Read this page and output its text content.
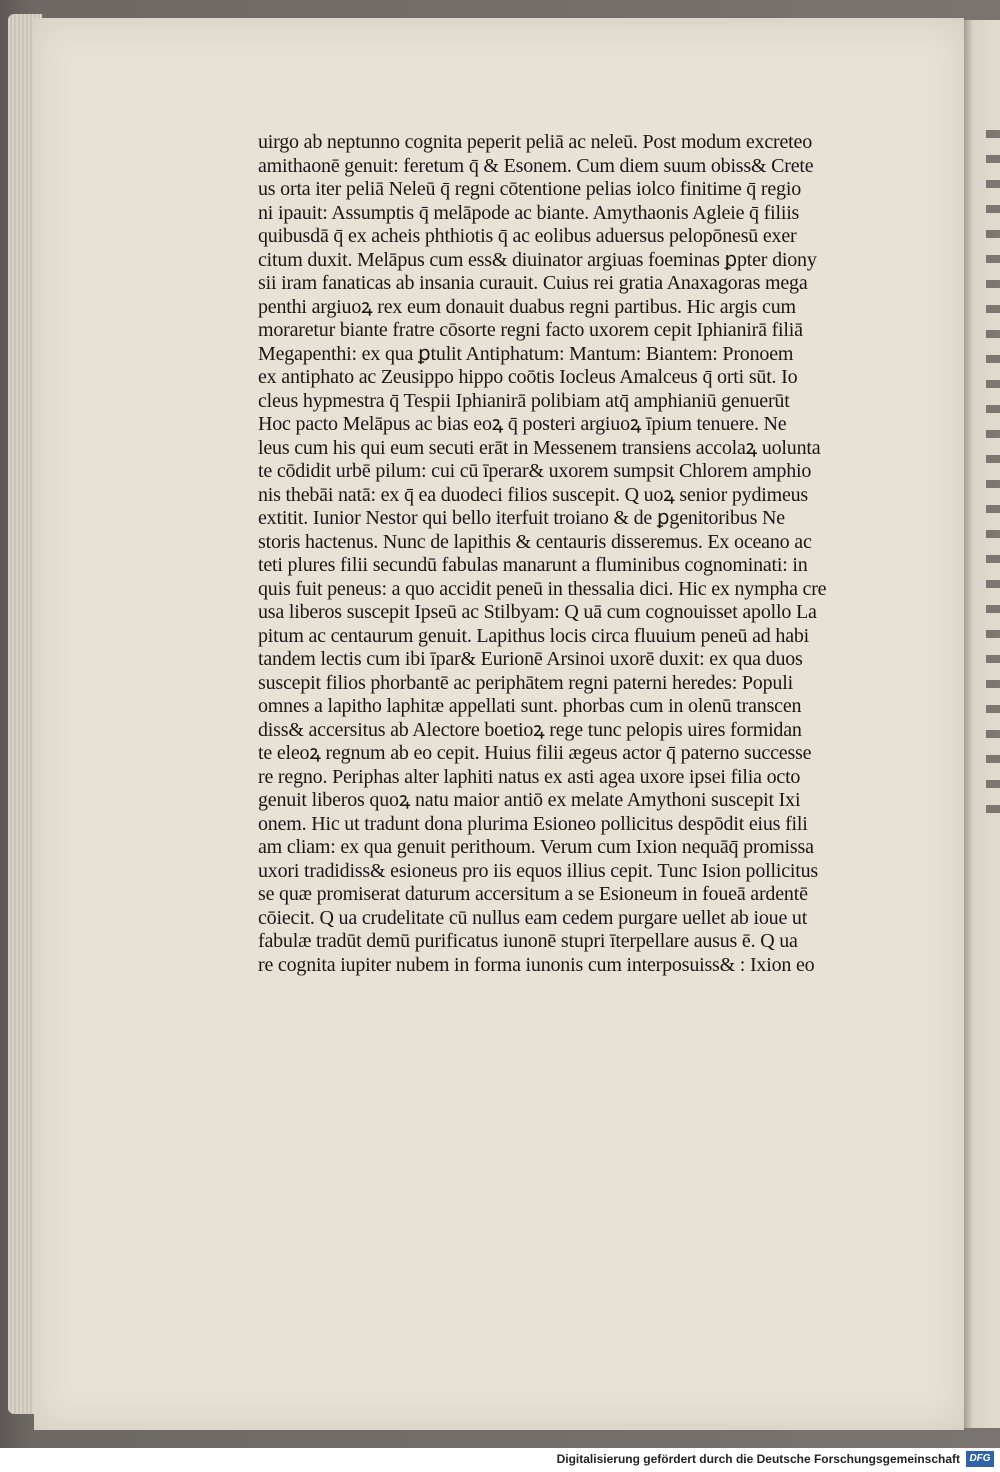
uirgo ab neptunno cognita peperit peliā ac neleū. Post modum excreteo
amithaonē genuit: feretum q̄ & Esonem. Cum diem suum obiss& Crete
us orta iter peliā Neleū q̄ regni cōtentione pelias iolco finitime q̄ regio
ni ipauit: Assumptis q̄ melāpode ac biante. Amythaonis Agleie q̄ filiis
quibusdā q̄ ex acheis phthiotis q̄ ac eolibus aduersus pelopōnesū exer
citum duxit. Melāpus cum ess& diuinator argiuas foeminas ꝑpter diony
sii iram fanaticas ab insania curauit. Cuius rei gratia Anaxagoras mega
penthi argiuoꝝ rex eum donauit duabus regni partibus. Hic argis cum
moraretur biante fratre cōsorte regni facto uxorem cepit Iphianirā filiā
Megapenthi: ex qua ꝑtulit Antiphatum: Mantum: Biantem: Pronoem
ex antiphato ac Zeusippo hippo coōtis Iocleus Amalceus q̄ orti sūt. Io
cleus hypmestra q̄ Tespii Iphianirā polibiam atq̄ amphianiū genuerūt
Hoc pacto Melāpus ac bias eoꝝ q̄ posteri argiuoꝝ īpium tenuere. Ne
leus cum his qui eum secuti erāt in Messenem transiens accolaꝝ uolunta
te cōdidit urbē pilum: cui cū īperar& uxorem sumpsit Chlorem amphio
nis thebāi natā: ex q̄ ea duodeci filios suscepit. Q uoꝝ senior pydimeus
extitit. Iunior Nestor qui bello iterfuit troiano & de ꝑgenitoribus Ne
storis hactenus. Nunc de lapithis & centauris disseremus. Ex oceano ac
teti plures filii secundū fabulas manarunt a fluminibus cognominati: in
quis fuit peneus: a quo accidit peneū in thessalia dici. Hic ex nympha cre
usa liberos suscepit Ipseū ac Stilbyam: Q uā cum cognouisset apollo La
pitum ac centaurum genuit. Lapithus locis circa fluuium peneū ad habi
tandem lectis cum ibi īpar& Eurionē Arsinoi uxorē duxit: ex qua duos
suscepit filios phorbantē ac periphātem regni paterni heredes: Populi
omnes a lapitho laphitæ appellati sunt. phorbas cum in olenū transcen
diss& accersitus ab Alectore boetioꝝ rege tunc pelopis uires formidan
te eleoꝝ regnum ab eo cepit. Huius filii ægeus actor q̄ paterno successe
re regno. Periphas alter laphiti natus ex asti agea uxore ipsei filia octo
genuit liberos quoꝝ natu maior antiō ex melate Amythoni suscepit Ixi
onem. Hic ut tradunt dona plurima Esioneo pollicitus despōdit eius fili
am cliam: ex qua genuit perithoum. Verum cum Ixion nequāq̄ promissa
uxori tradidiss& esioneus pro iis equos illius cepit. Tunc Ision pollicitus
se quæ promiserat daturum accersitum a se Esioneum in foueā ardentē
cōiecit. Q ua crudelitate cū nullus eam cedem purgare uellet ab ioue ut
fabulæ tradūt demū purificatus iunonē stupri īterpellare ausus ē. Q ua
re cognita iupiter nubem in forma iunonis cum interposuiss& : Ixion eo
Digitalisierung gefördert durch die Deutsche Forschungsgemeinschaft DFG
